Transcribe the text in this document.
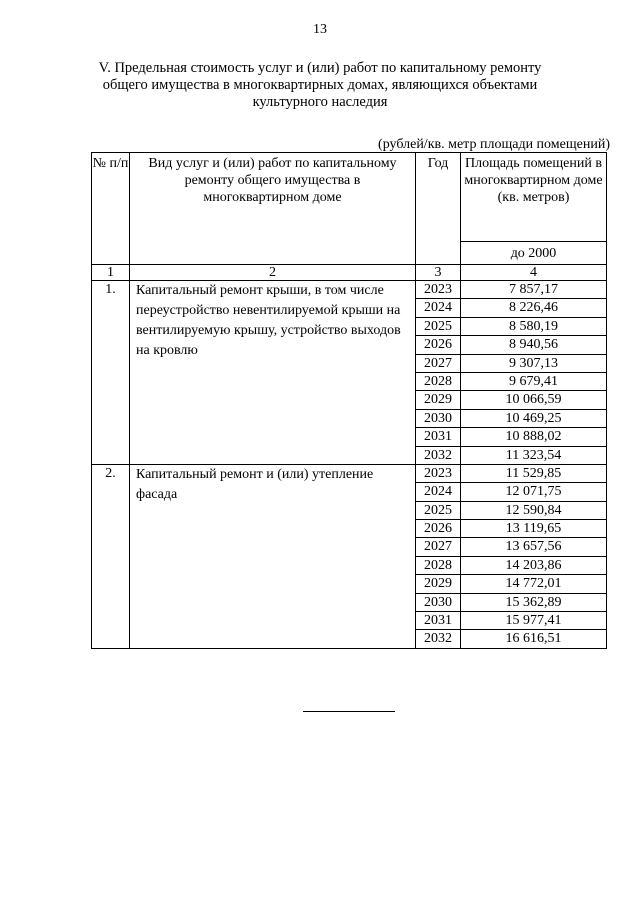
13
V. Предельная стоимость услуг и (или) работ по капитальному ремонту общего имущества в многоквартирных домах, являющихся объектами культурного наследия
(рублей/кв. метр площади помещений)
№ п/п	Вид услуг и (или) работ по капитальному ремонту общего имущества в многоквартирном доме	Год	Площадь помещений в многоквартирном доме (кв. метров)
			до 2000
1	2	3	4
1.	Капитальный ремонт крыши, в том числе переустройство невентилируемой крыши на вентилируемую крышу, устройство выходов на кровлю	2023	7 857,17
		2024	8 226,46
		2025	8 580,19
		2026	8 940,56
		2027	9 307,13
		2028	9 679,41
		2029	10 066,59
		2030	10 469,25
		2031	10 888,02
		2032	11 323,54
2.	Капитальный ремонт и (или) утепление фасада	2023	11 529,85
		2024	12 071,75
		2025	12 590,84
		2026	13 119,65
		2027	13 657,56
		2028	14 203,86
		2029	14 772,01
		2030	15 362,89
		2031	15 977,41
		2032	16 616,51
